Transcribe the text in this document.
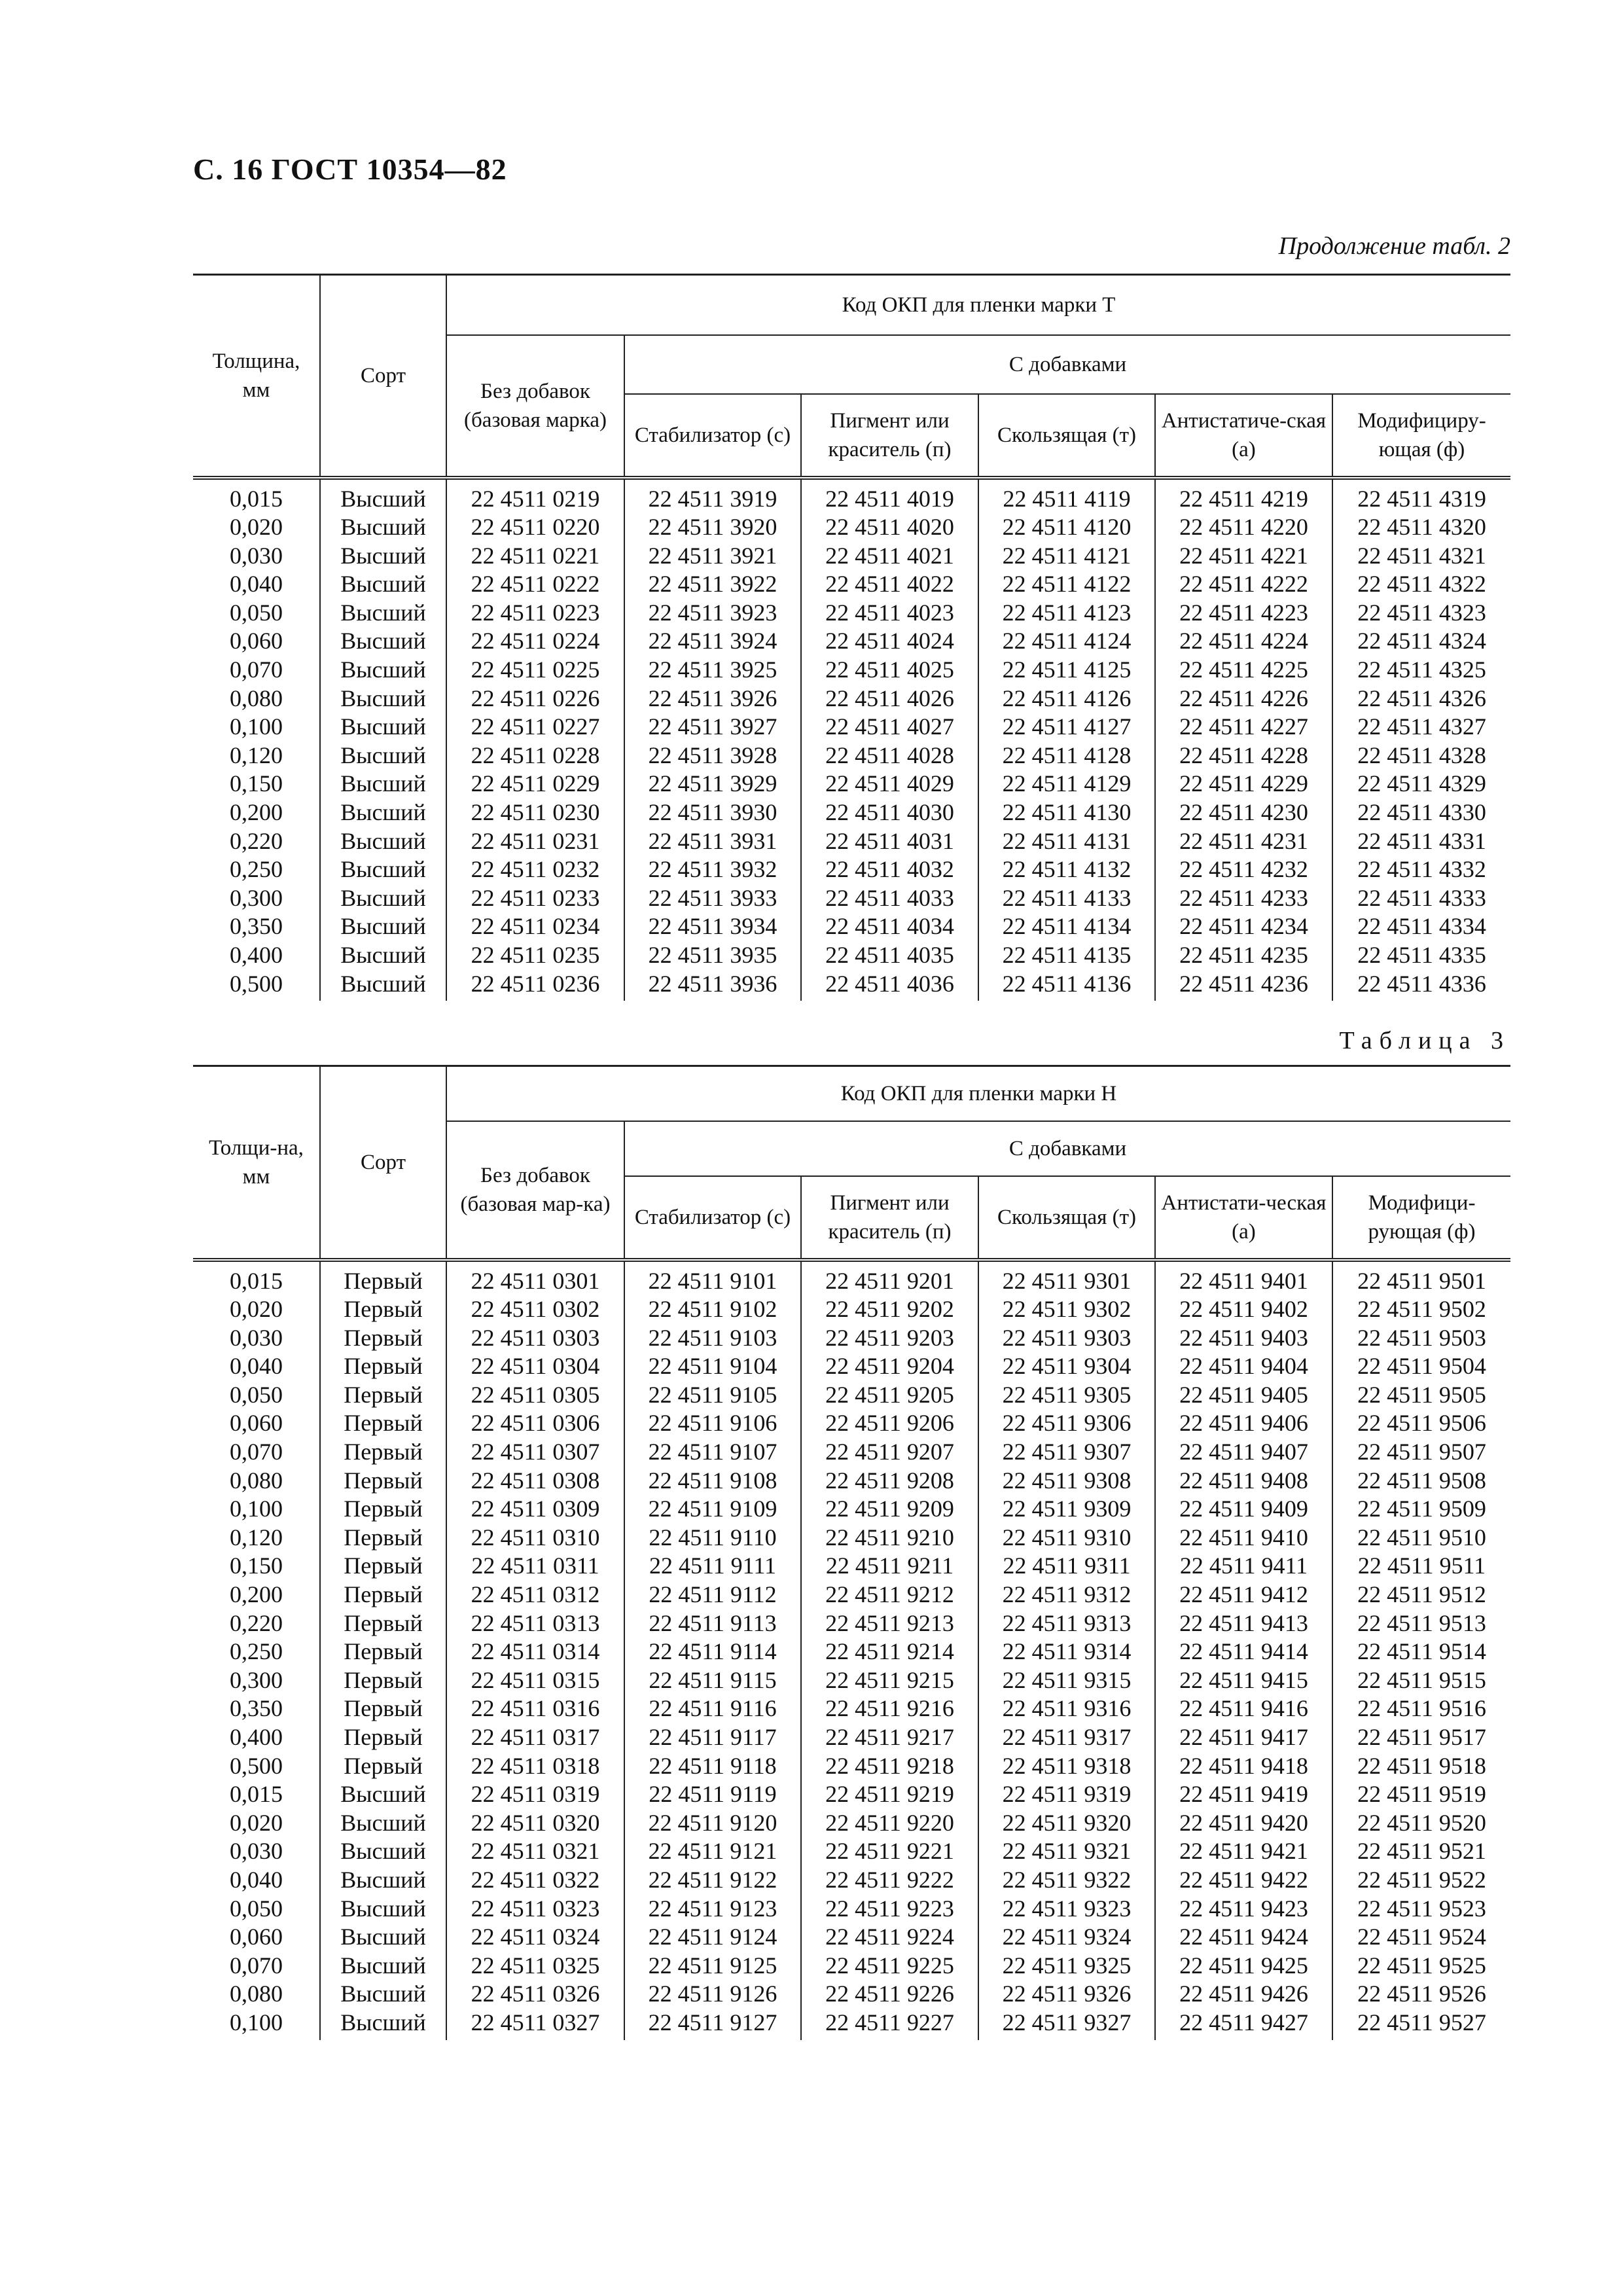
С. 16 ГОСТ 10354—82
Продолжение табл. 2
Толщина, мм	Сорт	Код ОКП для пленки марки Т					
		Без добавок (базовая марка)	С добавками				
			Стабилизатор (с)	Пигмент или краситель (п)	Скользящая (т)	Антистатиче-ская (а)	Модифициру-ющая (ф)
0,015	Высший	22 4511 0219	22 4511 3919	22 4511 4019	22 4511 4119	22 4511 4219	22 4511 4319
0,020	Высший	22 4511 0220	22 4511 3920	22 4511 4020	22 4511 4120	22 4511 4220	22 4511 4320
0,030	Высший	22 4511 0221	22 4511 3921	22 4511 4021	22 4511 4121	22 4511 4221	22 4511 4321
0,040	Высший	22 4511 0222	22 4511 3922	22 4511 4022	22 4511 4122	22 4511 4222	22 4511 4322
0,050	Высший	22 4511 0223	22 4511 3923	22 4511 4023	22 4511 4123	22 4511 4223	22 4511 4323
0,060	Высший	22 4511 0224	22 4511 3924	22 4511 4024	22 4511 4124	22 4511 4224	22 4511 4324
0,070	Высший	22 4511 0225	22 4511 3925	22 4511 4025	22 4511 4125	22 4511 4225	22 4511 4325
0,080	Высший	22 4511 0226	22 4511 3926	22 4511 4026	22 4511 4126	22 4511 4226	22 4511 4326
0,100	Высший	22 4511 0227	22 4511 3927	22 4511 4027	22 4511 4127	22 4511 4227	22 4511 4327
0,120	Высший	22 4511 0228	22 4511 3928	22 4511 4028	22 4511 4128	22 4511 4228	22 4511 4328
0,150	Высший	22 4511 0229	22 4511 3929	22 4511 4029	22 4511 4129	22 4511 4229	22 4511 4329
0,200	Высший	22 4511 0230	22 4511 3930	22 4511 4030	22 4511 4130	22 4511 4230	22 4511 4330
0,220	Высший	22 4511 0231	22 4511 3931	22 4511 4031	22 4511 4131	22 4511 4231	22 4511 4331
0,250	Высший	22 4511 0232	22 4511 3932	22 4511 4032	22 4511 4132	22 4511 4232	22 4511 4332
0,300	Высший	22 4511 0233	22 4511 3933	22 4511 4033	22 4511 4133	22 4511 4233	22 4511 4333
0,350	Высший	22 4511 0234	22 4511 3934	22 4511 4034	22 4511 4134	22 4511 4234	22 4511 4334
0,400	Высший	22 4511 0235	22 4511 3935	22 4511 4035	22 4511 4135	22 4511 4235	22 4511 4335
0,500	Высший	22 4511 0236	22 4511 3936	22 4511 4036	22 4511 4136	22 4511 4236	22 4511 4336
Таблица 3
Толщи-на, мм	Сорт	Код ОКП для пленки марки Н					
		Без добавок (базовая мар-ка)	С добавками				
			Стабилизатор (с)	Пигмент или краситель (п)	Скользящая (т)	Антистати-ческая (а)	Модифици-рующая (ф)
0,015	Первый	22 4511 0301	22 4511 9101	22 4511 9201	22 4511 9301	22 4511 9401	22 4511 9501
0,020	Первый	22 4511 0302	22 4511 9102	22 4511 9202	22 4511 9302	22 4511 9402	22 4511 9502
0,030	Первый	22 4511 0303	22 4511 9103	22 4511 9203	22 4511 9303	22 4511 9403	22 4511 9503
0,040	Первый	22 4511 0304	22 4511 9104	22 4511 9204	22 4511 9304	22 4511 9404	22 4511 9504
0,050	Первый	22 4511 0305	22 4511 9105	22 4511 9205	22 4511 9305	22 4511 9405	22 4511 9505
0,060	Первый	22 4511 0306	22 4511 9106	22 4511 9206	22 4511 9306	22 4511 9406	22 4511 9506
0,070	Первый	22 4511 0307	22 4511 9107	22 4511 9207	22 4511 9307	22 4511 9407	22 4511 9507
0,080	Первый	22 4511 0308	22 4511 9108	22 4511 9208	22 4511 9308	22 4511 9408	22 4511 9508
0,100	Первый	22 4511 0309	22 4511 9109	22 4511 9209	22 4511 9309	22 4511 9409	22 4511 9509
0,120	Первый	22 4511 0310	22 4511 9110	22 4511 9210	22 4511 9310	22 4511 9410	22 4511 9510
0,150	Первый	22 4511 0311	22 4511 9111	22 4511 9211	22 4511 9311	22 4511 9411	22 4511 9511
0,200	Первый	22 4511 0312	22 4511 9112	22 4511 9212	22 4511 9312	22 4511 9412	22 4511 9512
0,220	Первый	22 4511 0313	22 4511 9113	22 4511 9213	22 4511 9313	22 4511 9413	22 4511 9513
0,250	Первый	22 4511 0314	22 4511 9114	22 4511 9214	22 4511 9314	22 4511 9414	22 4511 9514
0,300	Первый	22 4511 0315	22 4511 9115	22 4511 9215	22 4511 9315	22 4511 9415	22 4511 9515
0,350	Первый	22 4511 0316	22 4511 9116	22 4511 9216	22 4511 9316	22 4511 9416	22 4511 9516
0,400	Первый	22 4511 0317	22 4511 9117	22 4511 9217	22 4511 9317	22 4511 9417	22 4511 9517
0,500	Первый	22 4511 0318	22 4511 9118	22 4511 9218	22 4511 9318	22 4511 9418	22 4511 9518
0,015	Высший	22 4511 0319	22 4511 9119	22 4511 9219	22 4511 9319	22 4511 9419	22 4511 9519
0,020	Высший	22 4511 0320	22 4511 9120	22 4511 9220	22 4511 9320	22 4511 9420	22 4511 9520
0,030	Высший	22 4511 0321	22 4511 9121	22 4511 9221	22 4511 9321	22 4511 9421	22 4511 9521
0,040	Высший	22 4511 0322	22 4511 9122	22 4511 9222	22 4511 9322	22 4511 9422	22 4511 9522
0,050	Высший	22 4511 0323	22 4511 9123	22 4511 9223	22 4511 9323	22 4511 9423	22 4511 9523
0,060	Высший	22 4511 0324	22 4511 9124	22 4511 9224	22 4511 9324	22 4511 9424	22 4511 9524
0,070	Высший	22 4511 0325	22 4511 9125	22 4511 9225	22 4511 9325	22 4511 9425	22 4511 9525
0,080	Высший	22 4511 0326	22 4511 9126	22 4511 9226	22 4511 9326	22 4511 9426	22 4511 9526
0,100	Высший	22 4511 0327	22 4511 9127	22 4511 9227	22 4511 9327	22 4511 9427	22 4511 9527
